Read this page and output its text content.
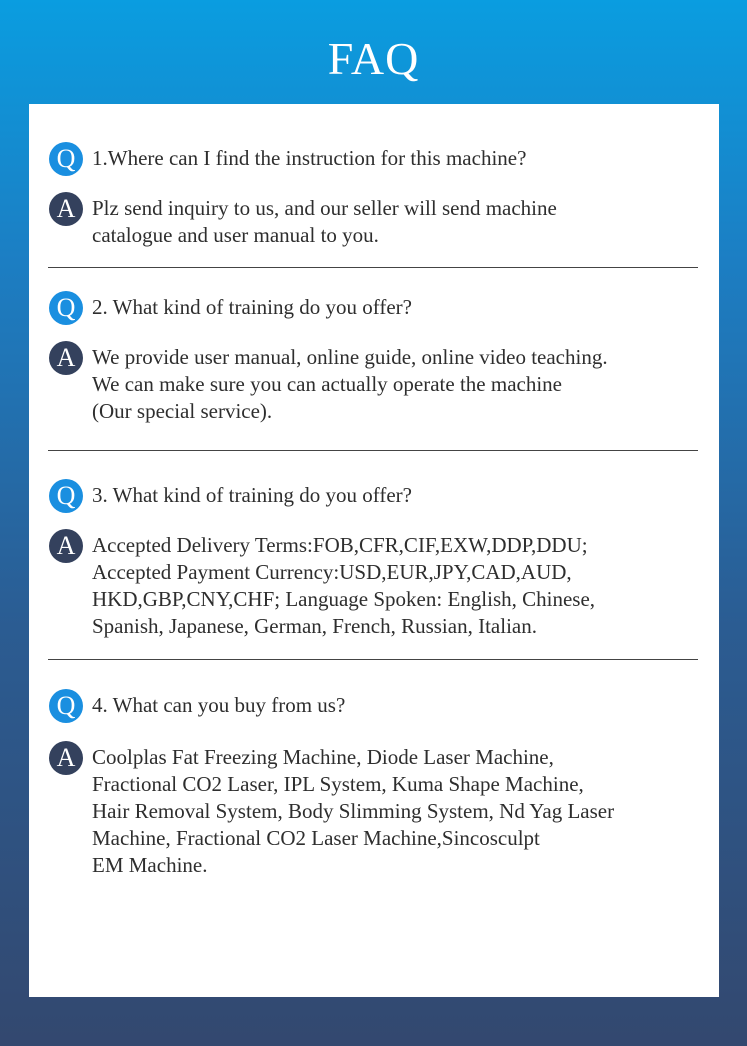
FAQ
Q 1.Where can I find the instruction for this machine?
A Plz send inquiry to us, and our seller will send machine
catalogue and user manual to you.
Q 2. What kind of training do you offer?
A We provide user manual, online guide, online video teaching.
We can make sure you can actually operate the machine
(Our special service).
Q 3. What kind of training do you offer?
A Accepted Delivery Terms:FOB,CFR,CIF,EXW,DDP,DDU;
Accepted Payment Currency:USD,EUR,JPY,CAD,AUD,
HKD,GBP,CNY,CHF; Language Spoken: English, Chinese,
Spanish, Japanese, German, French, Russian, Italian.
Q 4. What can you buy from us?
A Coolplas Fat Freezing Machine, Diode Laser Machine,
Fractional CO2 Laser, IPL System, Kuma Shape Machine,
Hair Removal System, Body Slimming System, Nd Yag Laser
Machine, Fractional CO2 Laser Machine,Sincosculpt
EM Machine.
